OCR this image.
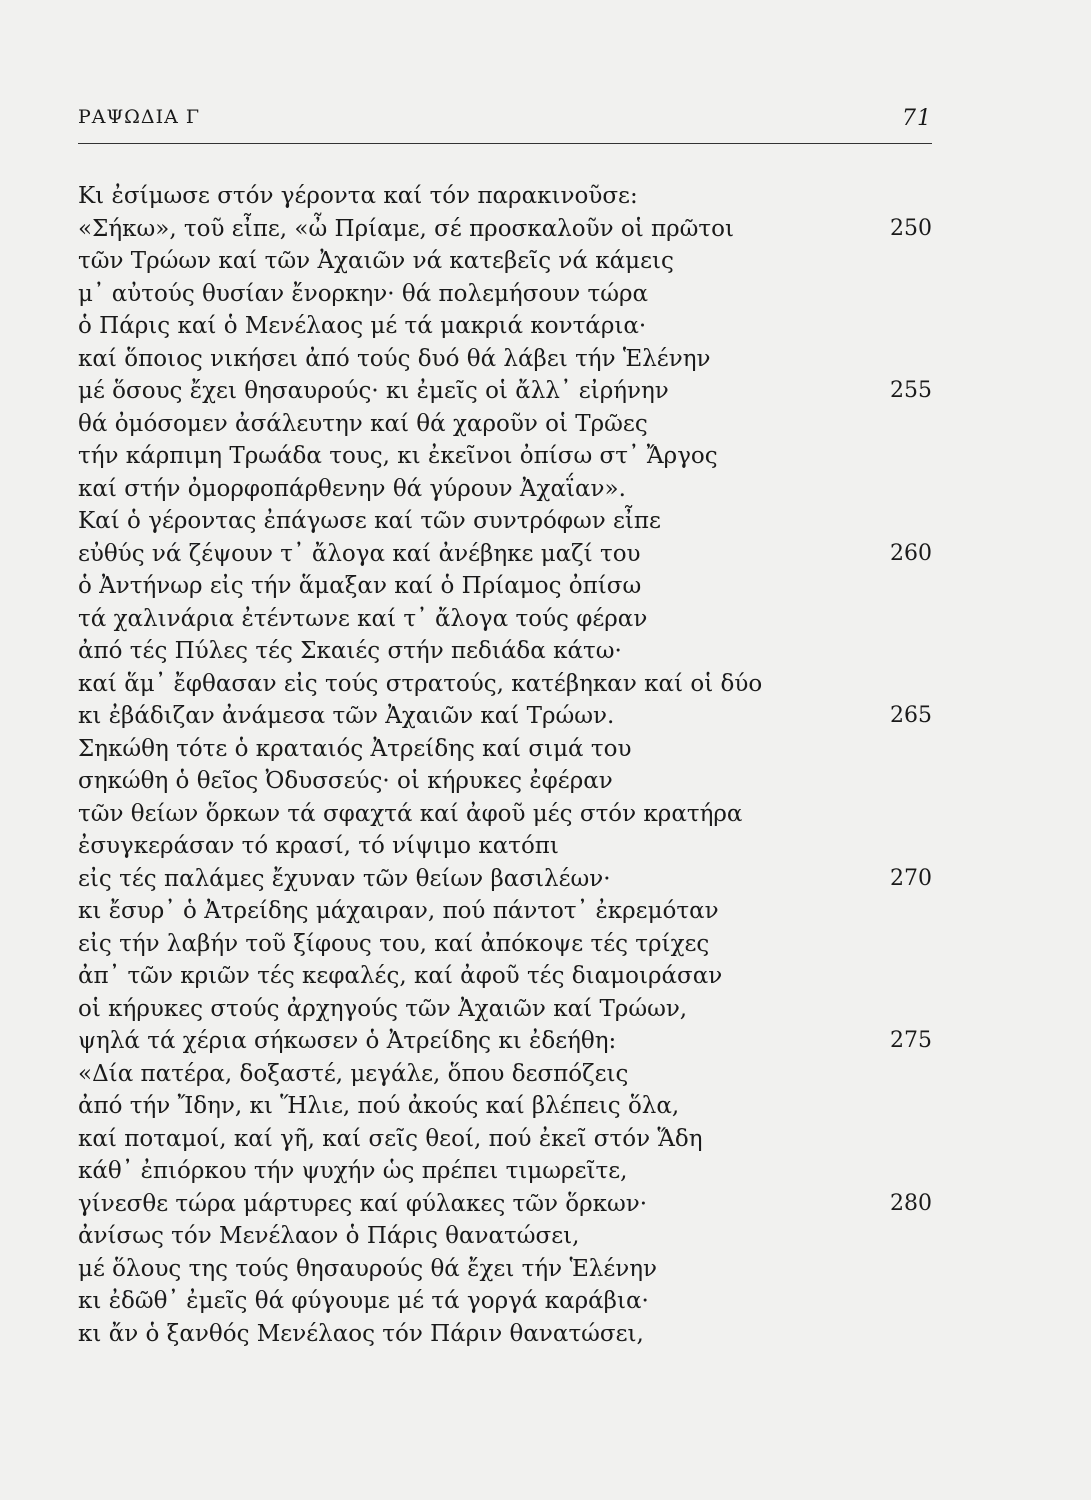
ΡΑΨΩΔΙΑ Γ	71
Κι ἐσίμωσε στόν γέροντα καί τόν παρακινοῦσε:
«Σήκω», τοῦ εἶπε, «ὦ Πρίαμε, σέ προσκαλοῦν οἱ πρῶτοι	250
τῶν Τρώων καί τῶν Ἀχαιῶν νά κατεβεῖς νά κάμεις
μ᾽ αὐτούς θυσίαν ἔνορκην· θά πολεμήσουν τώρα
ὁ Πάρις καί ὁ Μενέλαος μέ τά μακριά κοντάρια·
καί ὅποιος νικήσει ἀπό τούς δυό θά λάβει τήν Ἑλένην
μέ ὅσους ἔχει θησαυρούς· κι ἐμεῖς οἱ ἄλλ᾽ εἰρήνην	255
θά ὀμόσομεν ἀσάλευτην καί θά χαροῦν οἱ Τρῶες
τήν κάρπιμη Τρωάδα τους, κι ἐκεῖνοι ὀπίσω στ᾽ Ἄργος
καί στήν ὀμορφοπάρθενην θά γύρουν Ἀχαΐαν».
Καί ὁ γέροντας ἐπάγωσε καί τῶν συντρόφων εἶπε
εὐθύς νά ζέψουν τ᾽ ἄλογα καί ἀνέβηκε μαζί του	260
ὁ Ἀντήνωρ εἰς τήν ἅμαξαν καί ὁ Πρίαμος ὀπίσω
τά χαλινάρια ἐτέντωνε καί τ᾽ ἄλογα τούς φέραν
ἀπό τές Πύλες τές Σκαιές στήν πεδιάδα κάτω·
καί ἅμ᾽ ἔφθασαν εἰς τούς στρατούς, κατέβηκαν καί οἱ δύο
κι ἐβάδιζαν ἀνάμεσα τῶν Ἀχαιῶν καί Τρώων.	265
Σηκώθη τότε ὁ κραταιός Ἀτρείδης καί σιμά του
σηκώθη ὁ θεῖος Ὀδυσσεύς· οἱ κήρυκες ἐφέραν
τῶν θείων ὅρκων τά σφαχτά καί ἀφοῦ μές στόν κρατήρα
ἐσυγκεράσαν τό κρασί, τό νίψιμο κατόπι
εἰς τές παλάμες ἔχυναν τῶν θείων βασιλέων·	270
κι ἔσυρ᾽ ὁ Ἀτρείδης μάχαιραν, πού πάντοτ᾽ ἐκρεμόταν
εἰς τήν λαβήν τοῦ ξίφους του, καί ἀπόκοψε τές τρίχες
ἀπ᾽ τῶν κριῶν τές κεφαλές, καί ἀφοῦ τές διαμοιράσαν
οἱ κήρυκες στούς ἀρχηγούς τῶν Ἀχαιῶν καί Τρώων,
ψηλά τά χέρια σήκωσεν ὁ Ἀτρείδης κι ἐδεήθη:	275
«Δία πατέρα, δοξαστέ, μεγάλε, ὅπου δεσπόζεις
ἀπό τήν Ἴδην, κι Ἥλιε, πού ἀκούς καί βλέπεις ὅλα,
καί ποταμοί, καί γῆ, καί σεῖς θεοί, πού ἐκεῖ στόν Ἅδη
κάθ᾽ ἐπιόρκου τήν ψυχήν ὡς πρέπει τιμωρεῖτε,
γίνεσθε τώρα μάρτυρες καί φύλακες τῶν ὅρκων·	280
ἀνίσως τόν Μενέλαον ὁ Πάρις θανατώσει,
μέ ὅλους της τούς θησαυρούς θά ἔχει τήν Ἑλένην
κι ἐδῶθ᾽ ἐμεῖς θά φύγουμε μέ τά γοργά καράβια·
κι ἄν ὁ ξανθός Μενέλαος τόν Πάριν θανατώσει,
